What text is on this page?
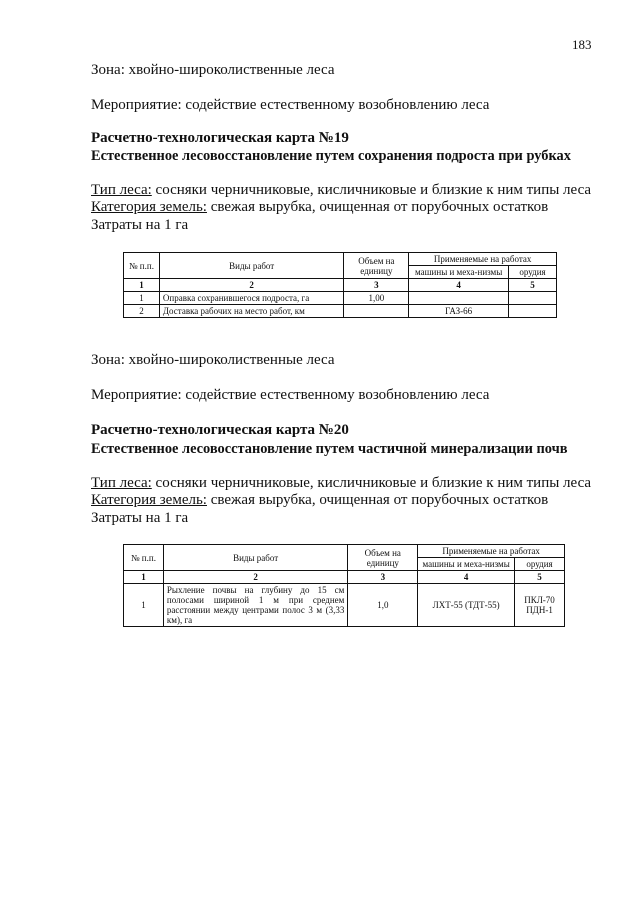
183
Зона: хвойно-широколиственные леса
Мероприятие: содействие естественному возобновлению леса
Расчетно-технологическая карта №19
Естественное лесовосстановление путем сохранения подроста при рубках
Тип леса: сосняки черничниковые, кисличниковые и близкие к ним типы леса
Категория земель: свежая вырубка, очищенная от порубочных остатков
Затраты на 1 га
№ п.п.	Виды работ	Объем на единицу	Применяемые на работах	
			машины и меха-низмы	орудия
1	2	3	4	5
1	Оправка сохранившегося подроста, га	1,00		
2	Доставка рабочих на место работ, км		ГАЗ-66	
Зона: хвойно-широколиственные леса
Мероприятие: содействие естественному возобновлению леса
Расчетно-технологическая карта №20
Естественное лесовосстановление путем частичной минерализации почв
Тип леса: сосняки черничниковые, кисличниковые и близкие к ним типы леса
Категория земель: свежая вырубка, очищенная от порубочных остатков
Затраты на 1 га
№ п.п.	Виды работ	Объем на единицу	Применяемые на работах	
			машины и меха-низмы	орудия
1	2	3	4	5
1	Рыхление почвы на глубину до 15 см полосами шириной 1 м при среднем расстоянии между центрами полос 3 м (3,33 км), га	1,0	ЛХТ-55 (ТДТ-55)	ПКЛ-70 ПДН-1
